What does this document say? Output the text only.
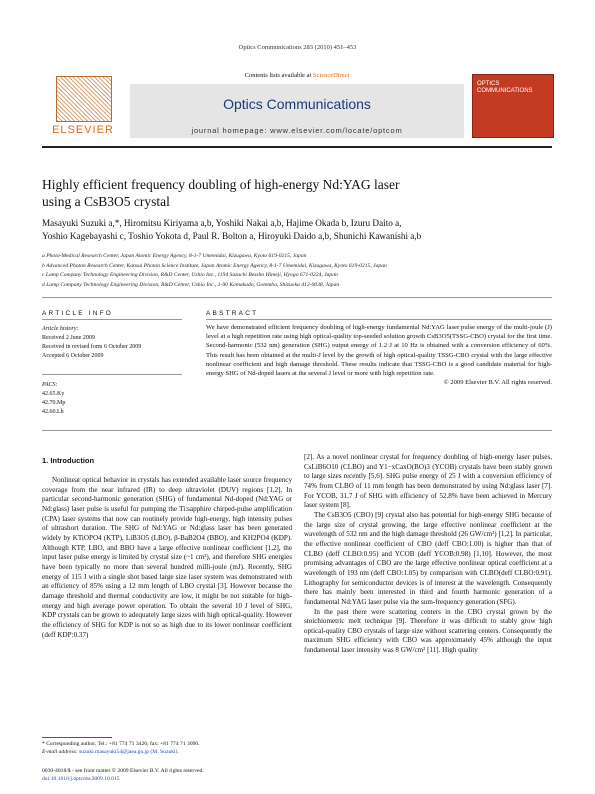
Optics Communications 283 (2010) 451–453
ELSEVIER
Contents lists available at ScienceDirect
Optics Communications
journal homepage: www.elsevier.com/locate/optcom
OPTICS COMMUNICATIONS
Highly efficient frequency doubling of high-energy Nd:YAG laser
using a CsB3O5 crystal
Masayuki Suzuki a,*, Hiromitsu Kiriyama a,b, Yoshiki Nakai a,b, Hajime Okada b, Izuru Daito a,
Yoshio Kagebayashi c, Toshio Yokota d, Paul R. Bolton a, Hiroyuki Daido a,b, Shunichi Kawanishi a,b
a Photo-Medical Research Center, Japan Atomic Energy Agency, 8-1-7 Umemidai, Kizugawa, Kyoto 619-0215, Japan
b Advanced Photon Research Center, Kansai Photon Science Institute, Japan Atomic Energy Agency, 8-1-7 Umemidai, Kizugawa, Kyoto 619-0215, Japan
c Lamp Company Technology Engineering Division, R&D Center, Ushio Inc., 1194 Sazuchi Bessho Himeji, Hyogo 671-0224, Japan
d Lamp Company Technology Engineering Division, R&D Center, Ushio Inc., 1-90 Komakado, Gotemba, Shizuoka 412-0038, Japan
ARTICLE INFO	ABSTRACT
Article history:
Received 2 June 2009
Received in revised form 6 October 2009
Accepted 6 October 2009
PACS:
42.65.Ky
42.70.Mp
42.60.Lh
We have demonstrated efficient frequency doubling of high-energy fundamental Nd:YAG laser pulse energy of the multi-joule (J) level at a high repetition rate using high optical-quality top-seeded solution growth CsB3O5(TSSG-CBO) crystal for the first time. Second-harmonic (532 nm) generation (SHG) output energy of 1.2 J at 10 Hz is obtained with a conversion efficiency of 60%. This result has been obtained at the multi-J level by the growth of high optical-quality TSSG-CBO crystal with the large effective nonlinear coefficient and high damage threshold. These results indicate that TSSG-CBO is a good candidate material for high-energy SHG of Nd-doped lasers at the several J level or more with high repetition rate.
© 2009 Elsevier B.V. All rights reserved.
1. Introduction

Nonlinear optical behavior in crystals has extended available laser source frequency coverage from the near infrared (IR) to deep ultraviolet (DUV) regions [1,2]. In particular second-harmonic generation (SHG) of fundamental Nd-doped (Nd:YAG or Nd:glass) laser pulse is useful for pumping the Ti:sapphire chirped-pulse amplification (CPA) laser systems that now can routinely provide high-energy, high intensity pulses of ultrashort duration. The SHG of Nd:YAG or Nd:glass laser has been generated widely by KTiOPO4 (KTP), LiB3O5 (LBO), β-BaB2O4 (BBO), and KH2PO4 (KDP). Although KTP, LBO, and BBO have a large effective nonlinear coefficient [1,2], the input laser pulse energy is limited by crystal size (~1 cm³), and therefore SHG energies have been typically no more than several hundred milli-joule (mJ). Recently, SHG energy of 115 J with a single shot based large size laser system was demonstrated with an efficiency of 85% using a 12 mm length of LBO crystal [3]. However because the damage threshold and thermal conductivity are low, it might be not suitable for high-energy and high average power operation. To obtain the several 10 J level of SHG, KDP crystals can be grown to adequately large sizes with high optical-quality. However the efficiency of SHG for KDP is not so as high due to its lower nonlinear coefficient (deff KDP:0.37)

[2]. As a novel nonlinear crystal for frequency doubling of high-energy laser pulses, CsLiB6O10 (CLBO) and Y1−xCaxO(BO)3 (YCOB) crystals have been stably grown to large sizes recently [5,6]. SHG pulse energy of 25 J with a conversion efficiency of 74% from CLBO of 11 mm length has been demonstrated by using Nd:glass laser [7]. For YCOB, 31.7 J of SHG with efficiency of 52.8% have been achieved in Mercury laser system [8].

The CsB3O5 (CBO) [9] crystal also has potential for high-energy SHG because of the large size of crystal growing, the large effective nonlinear coefficient at the wavelength of 532 nm and the high damage threshold (26 GW/cm²) [1,2]. In particular, the effective nonlinear coefficient of CBO (deff CBO:1.00) is higher than that of CLBO (deff CLBO:0.95) and YCOB (deff YCOB:0.98) [1,10]. However, the most promising advantages of CBO are the large effective nonlinear optical coefficient at a wavelength of 193 nm (deff CBO:1.05) by comparison with CLBO(deff CLBO:0.91). Lithography for semiconductor devices is of interest at the wavelength. Consequently there has mainly been interested in third and fourth harmonic generation of a fundamental Nd:YAG laser pulse via the sum-frequency generation (SFG).

In the past there were scattering centers in the CBO crystal grown by the stoichiometric melt technique [9]. Therefore it was difficult to stably grow high optical-quality CBO crystals of large size without scattering centers. Consequently the maximum SHG efficiency with CBO was approximately 45% although the input fundamental laser intensity was 8 GW/cm² [11]. High quality

* Corresponding author. Tel.: +81 774 71 3426; fax: +81 774 71 3090.
E-mail address: suzuki.masayuki54@jaea.go.jp (M. Suzuki).
0030-4018/$ - see front matter © 2009 Elsevier B.V. All rights reserved.
doi:10.1016/j.optcom.2009.10.015
